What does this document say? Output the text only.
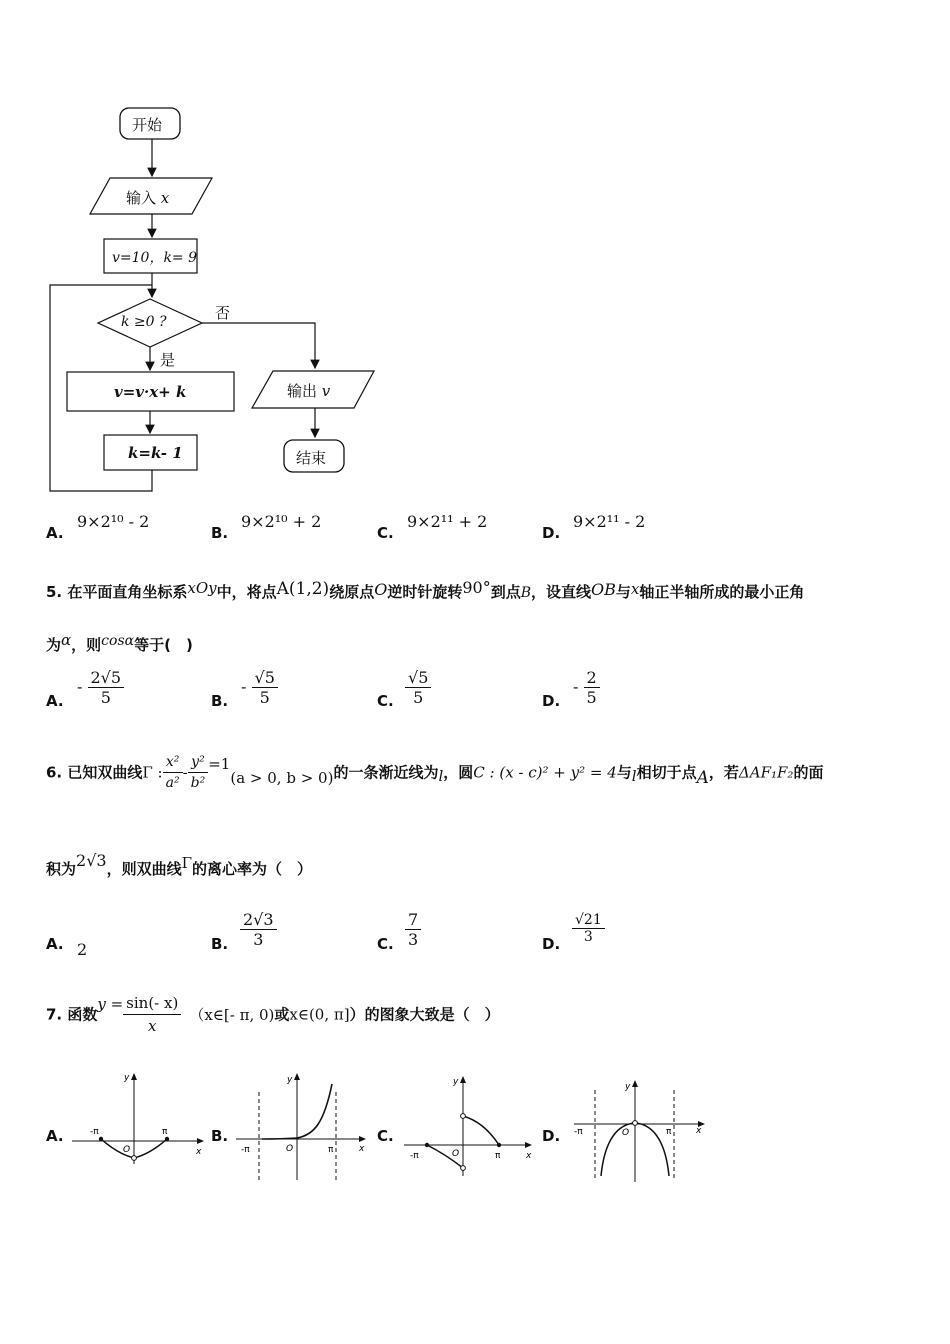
开始
输入 x
v=10，k= 9
否
k ≥0 ?
是
v=v·x+ k
k=k- 1
输出 v
结束
A.
9×2¹⁰ - 2
B.
9×2¹⁰ + 2
C.
9×2¹¹ + 2
D.
9×2¹¹ - 2
5. 在平面直角坐标系xOy中，将点A(1,2)绕原点O逆时针旋转90°到点B，设直线OB与x轴正半轴所成的最小正角
为α，则cosα等于(　)
A.
- $\frac{2√5}{5}$	B.
- $\frac{√5}{5}$	C. $\frac{√5}{5}$	D.
- $\frac{2}{5}$
6. 已知双曲线Γ : $\frac{\text{x²}}{\text{a²}} - \frac{\text{y²}}{\text{b²}} =1(a > 0$, b > 0)的一条渐近线为l，圆C : (x - c)² + y² = 4与l相切于点A，若ΔAF₁F₂的面
积为2√3，则双曲线Γ的离心率为（　）
A. 2	B. $\frac{2√3}{3}$	C. $\frac{7}{3}$	D. $\frac{√21}{3}$
7. 函数$y = \frac{\sin(- x)}{x}$ （x∈[- π, 0)或x∈(0, π]）的图象大致是（　）
A.	-π	π
O	x
y
B.
-π	π
O	x
y
C.
-π	π
O	x
y
D. -π	π
O	x
y
